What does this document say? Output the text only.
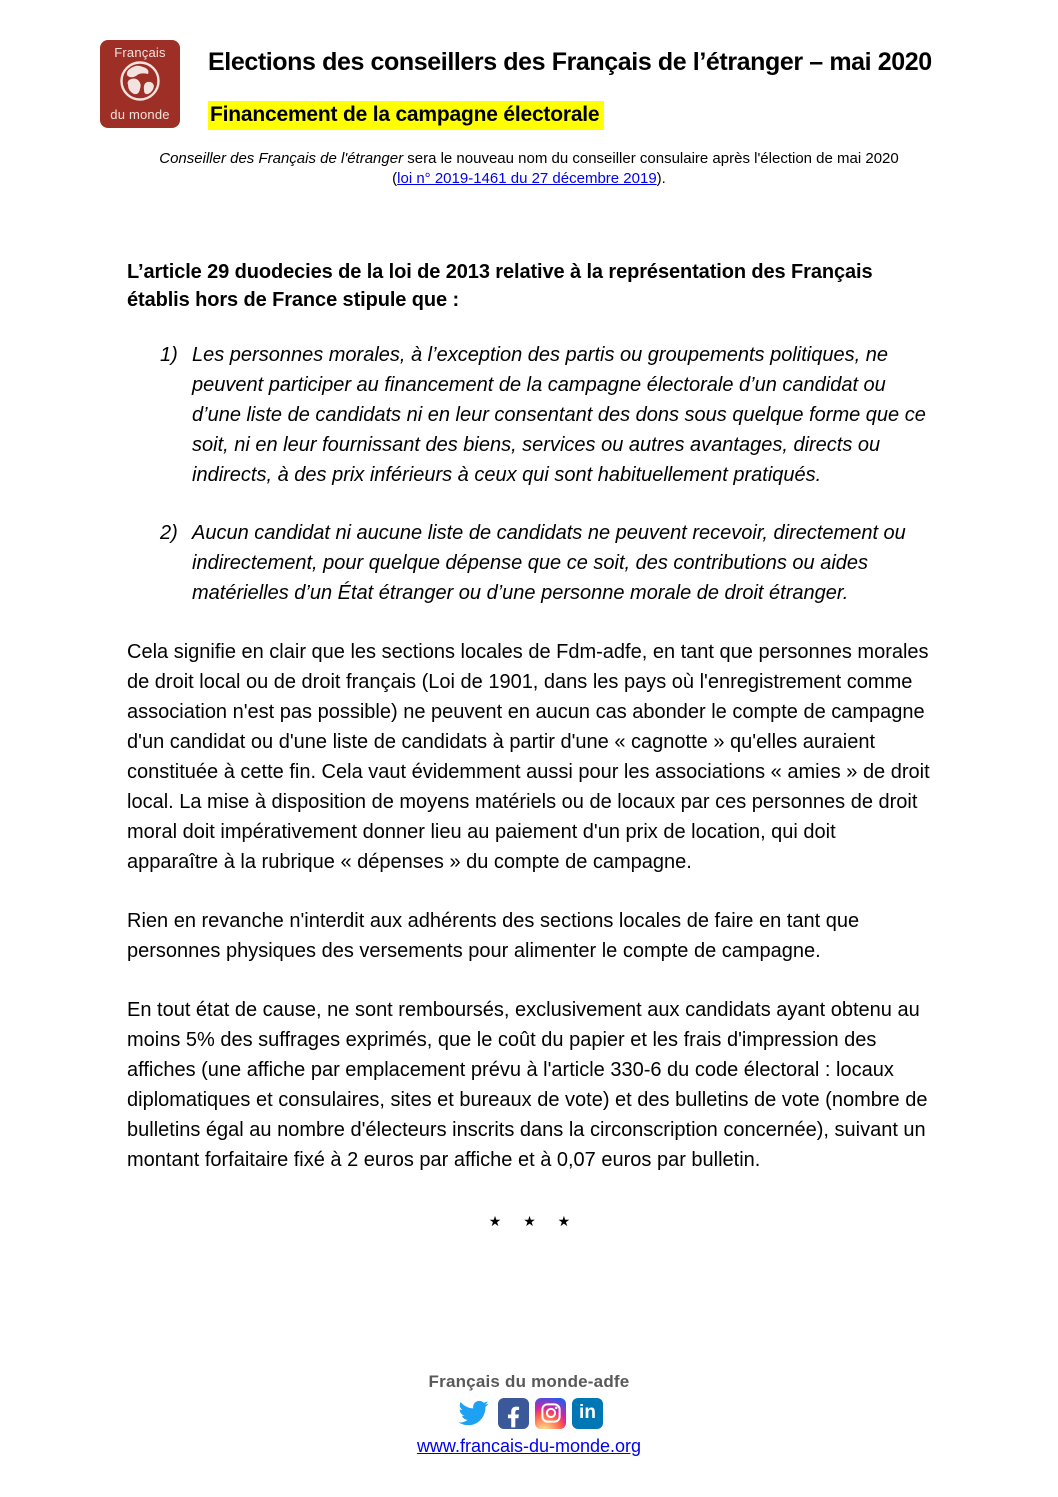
Français
du monde
Elections des conseillers des Français de l’étranger – mai 2020
Financement de la campagne électorale
Conseiller des Français de l'étranger sera le nouveau nom du conseiller consulaire après l'élection de mai 2020
(loi n° 2019-1461 du 27 décembre 2019).

L’article 29 duodecies de la loi de 2013 relative à la représentation des Français établis hors de France stipule que :

1) Les personnes morales, à l’exception des partis ou groupements politiques, ne peuvent participer au financement de la campagne électorale d’un candidat ou d’une liste de candidats ni en leur consentant des dons sous quelque forme que ce soit, ni en leur fournissant des biens, services ou autres avantages, directs ou indirects, à des prix inférieurs à ceux qui sont habituellement pratiqués.
2) Aucun candidat ni aucune liste de candidats ne peuvent recevoir, directement ou indirectement, pour quelque dépense que ce soit, des contributions ou aides matérielles d’un État étranger ou d’une personne morale de droit étranger.

Cela signifie en clair que les sections locales de Fdm-adfe, en tant que personnes morales de droit local ou de droit français (Loi de 1901, dans les pays où l'enregistrement comme association n'est pas possible) ne peuvent en aucun cas abonder le compte de campagne d'un candidat ou d'une liste de candidats à partir d'une « cagnotte » qu'elles auraient constituée à cette fin. Cela vaut évidemment aussi pour les associations « amies » de droit local. La mise à disposition de moyens matériels ou de locaux par ces personnes de droit moral doit impérativement donner lieu au paiement d'un prix de location, qui doit apparaître à la rubrique « dépenses » du compte de campagne.

Rien en revanche n'interdit aux adhérents des sections locales de faire en tant que personnes physiques des versements pour alimenter le compte de campagne.

En tout état de cause, ne sont remboursés, exclusivement aux candidats ayant obtenu au moins 5% des suffrages exprimés, que le coût du papier et les frais d'impression des affiches (une affiche par emplacement prévu à l'article 330-6 du code électoral : locaux diplomatiques et consulaires, sites et bureaux de vote) et des bulletins de vote (nombre de bulletins égal au nombre d'électeurs inscrits dans la circonscription concernée), suivant un montant forfaitaire fixé à 2 euros par affiche et à 0,07 euros par bulletin.

★ ★ ★
Français du monde-adfe
in
www.francais-du-monde.org
